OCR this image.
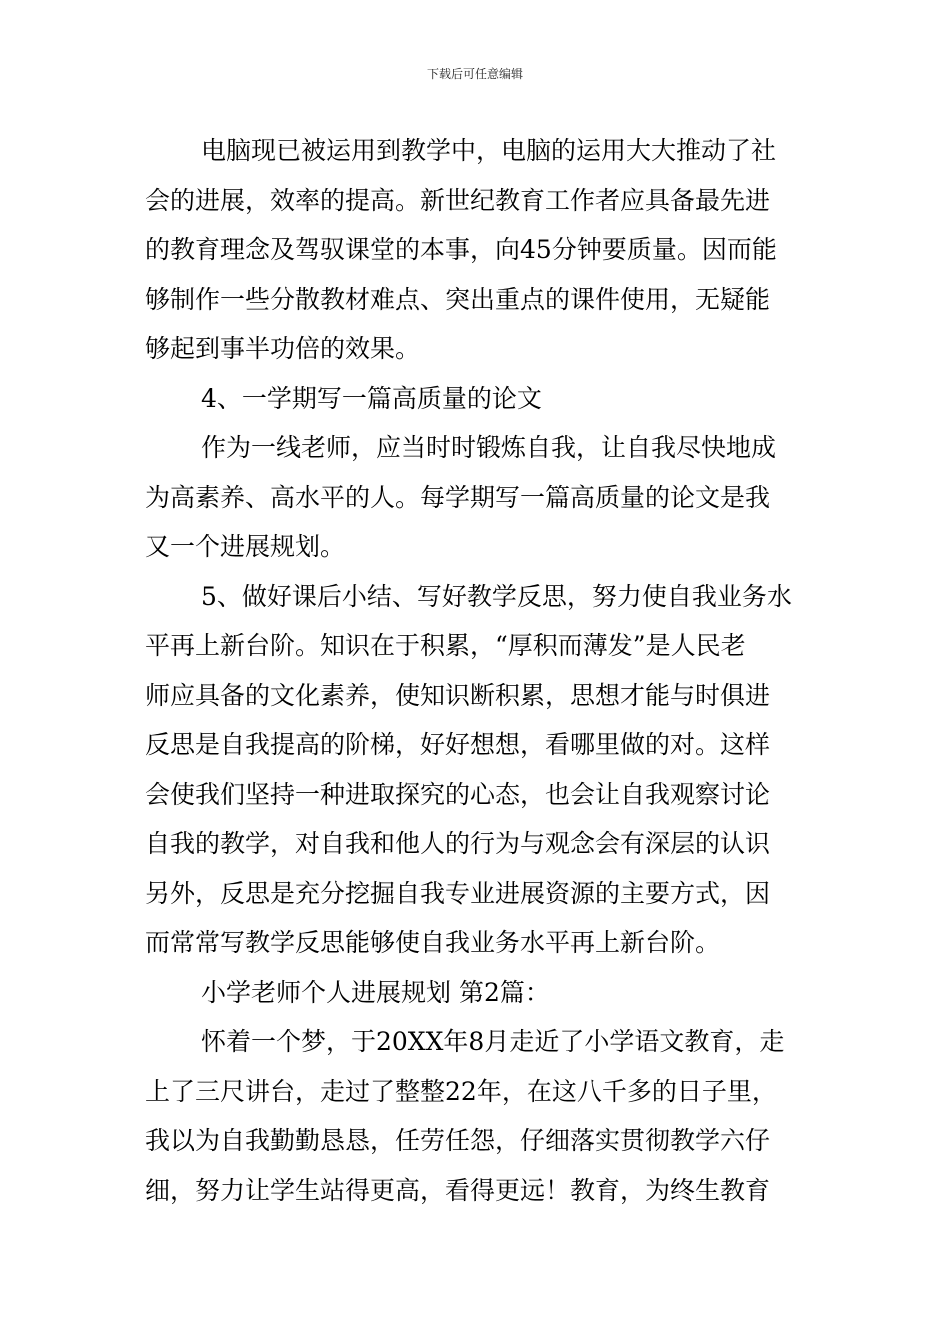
下载后可任意编辑

电脑现已被运用到教学中，电脑的运用大大推动了社
会的进展，效率的提高。新世纪教育工作者应具备最先进
的教育理念及驾驭课堂的本事，向45分钟要质量。因而能
够制作一些分散教材难点、突出重点的课件使用，无疑能
够起到事半功倍的效果。

4、一学期写一篇高质量的论文

作为一线老师，应当时时锻炼自我，让自我尽快地成
为高素养、高水平的人。每学期写一篇高质量的论文是我
又一个进展规划。

5、做好课后小结、写好教学反思，努力使自我业务水
平再上新台阶。知识在于积累，“厚积而薄发”是人民老
师应具备的文化素养，使知识断积累，思想才能与时俱进
反思是自我提高的阶梯，好好想想，看哪里做的对。这样
会使我们坚持一种进取探究的心态，也会让自我观察讨论
自我的教学，对自我和他人的行为与观念会有深层的认识
另外，反思是充分挖掘自我专业进展资源的主要方式，因
而常常写教学反思能够使自我业务水平再上新台阶。

小学老师个人进展规划 第2篇：

怀着一个梦，于20XX年8月走近了小学语文教育，走
上了三尺讲台，走过了整整22年，在这八千多的日子里，
我以为自我勤勤恳恳，任劳任怨，仔细落实贯彻教学六仔
细，努力让学生站得更高，看得更远！教育，为终生教育
